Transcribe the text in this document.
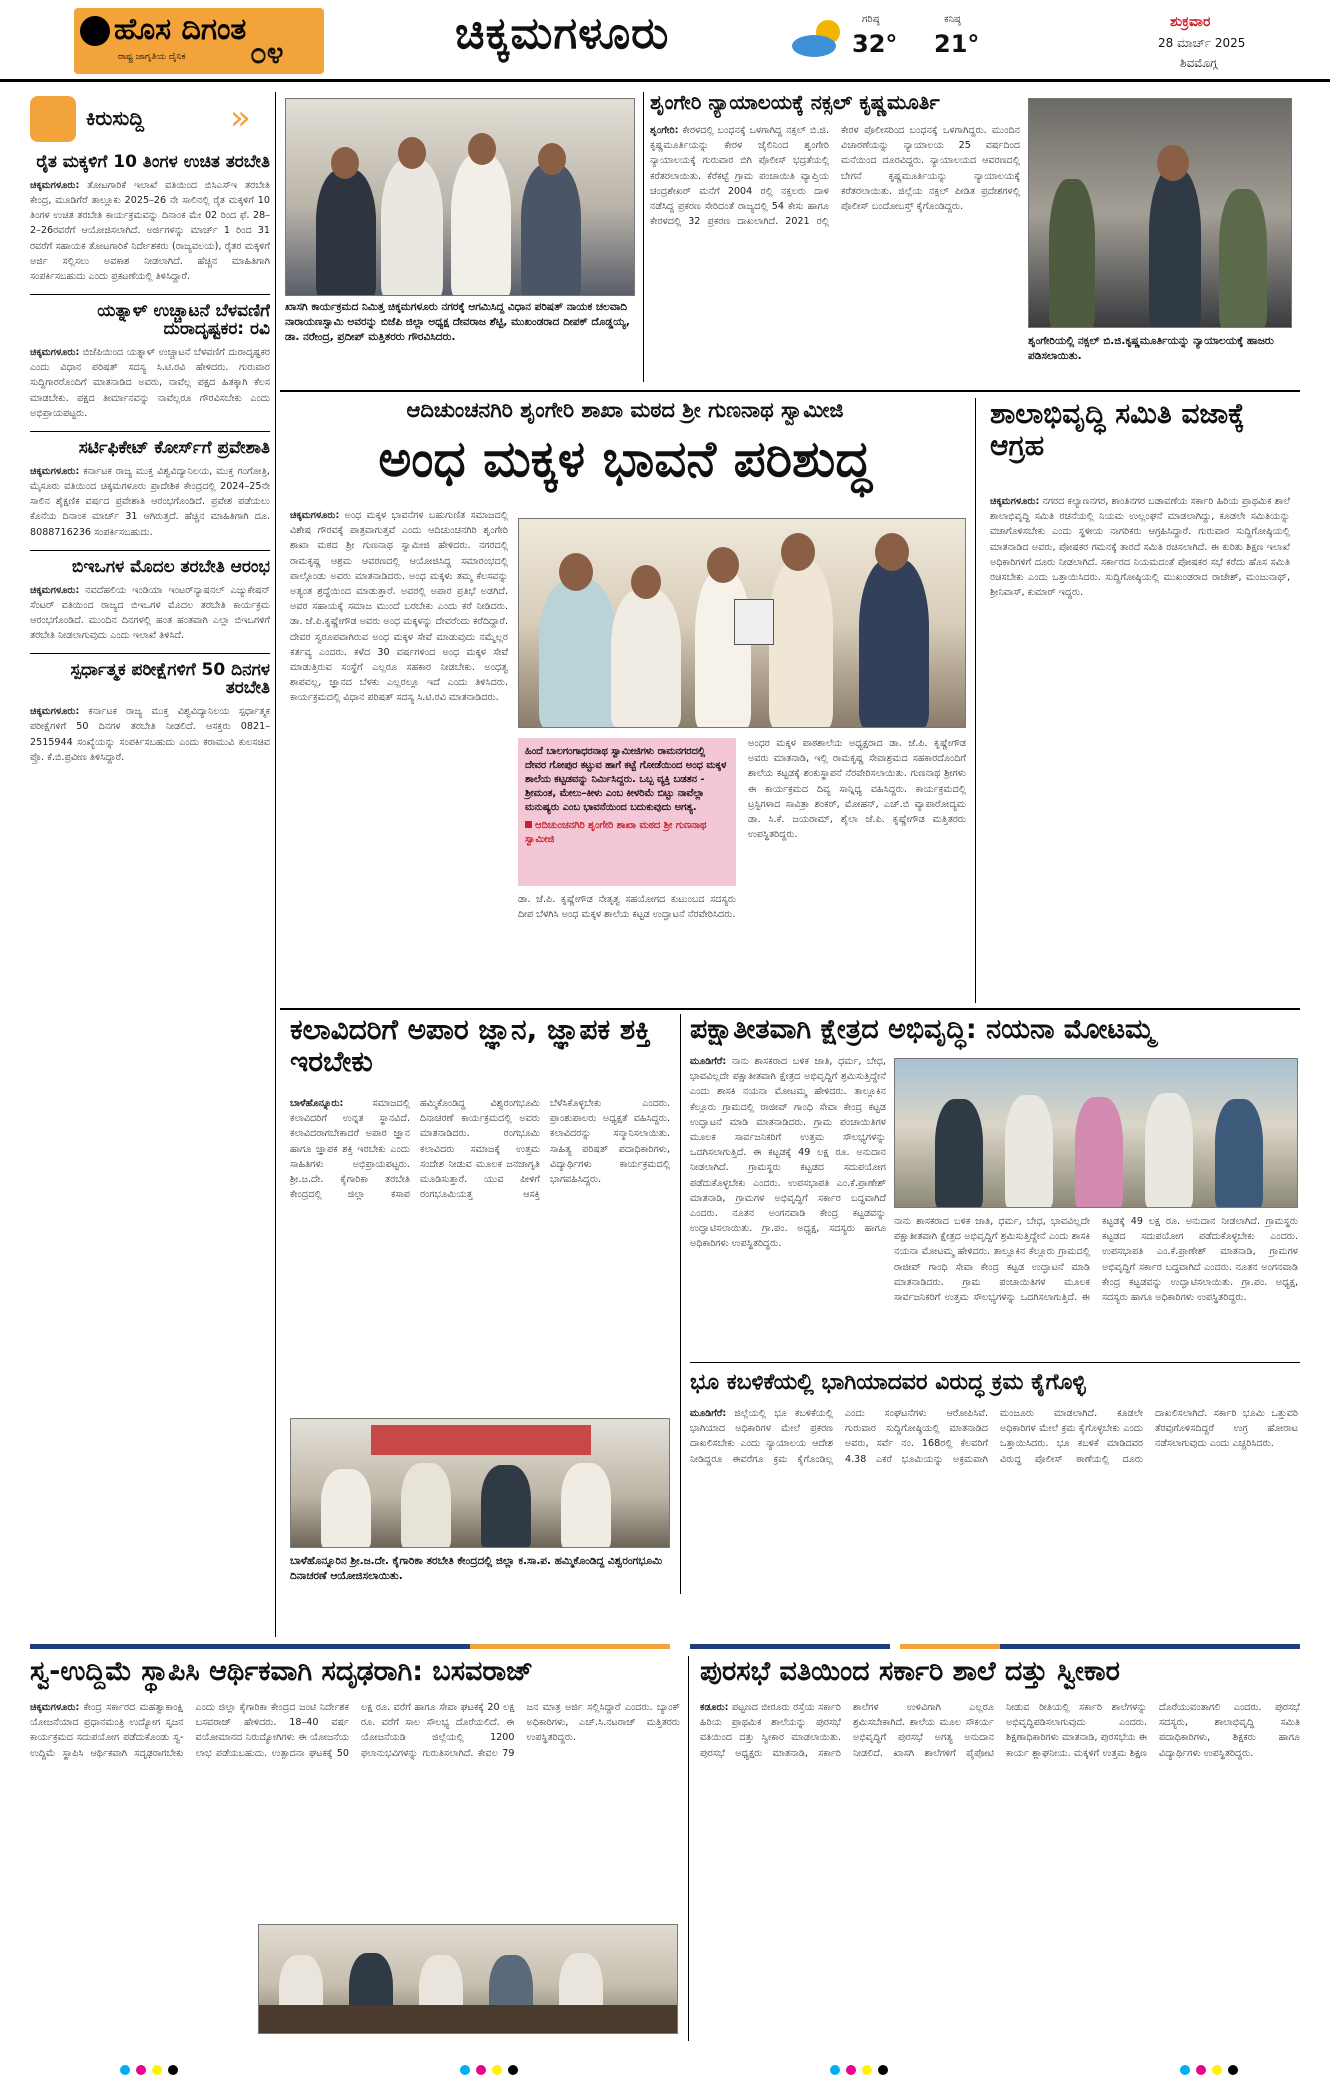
ಹೊಸ ದಿಗಂತ
ರಾಷ್ಟ್ರ ಜಾಗೃತಿಯ ದೈನಿಕ ೦೪	ಚಿಕ್ಕಮಗಳೂರು	ಗರಿಷ್ಠ
32°
ಕನಿಷ್ಠ
21°
ಶುಕ್ರವಾರ
28 ಮಾರ್ಚ್ 2025
ಶಿವಮೊಗ್ಗ
ಕಿರುಸುದ್ದಿ	»
ರೈತ ಮಕ್ಕಳಿಗೆ 10 ತಿಂಗಳ ಉಚಿತ ತರಬೇತಿ
ಚಿಕ್ಕಮಗಳೂರು: ತೋಟಗಾರಿಕೆ ಇಲಾಖೆ ವತಿಯಿಂದ ಬಿಸಿಎಸ್‌ಇ ತರಬೇತಿ ಕೇಂದ್ರ, ಮೂಡಿಗೆರೆ ತಾಲ್ಲೂಕು 2025–26 ನೇ ಸಾಲಿನಲ್ಲಿ ರೈತ ಮಕ್ಕಳಿಗೆ 10 ತಿಂಗಳ ಉಚಿತ ತರಬೇತಿ ಕಾರ್ಯಕ್ರಮವನ್ನು ದಿನಾಂಕ ಮೇ 02 ರಿಂದ ಫೆ. 28–2–26ರವರೆಗೆ ಆಯೋಜಿಸಲಾಗಿದೆ. ಅರ್ಜಿಗಳನ್ನು ಮಾರ್ಚ್ 1 ರಿಂದ 31 ರವರೆಗೆ ಸಹಾಯಕ ತೋಟಗಾರಿಕೆ ನಿರ್ದೇಶಕರು (ರಾಜ್ಯವಲಯ), ರೈತರ ಮಕ್ಕಳಿಗೆ ಅರ್ಜಿ ಸಲ್ಲಿಸಲು ಅವಕಾಶ ನೀಡಲಾಗಿದೆ. ಹೆಚ್ಚಿನ ಮಾಹಿತಿಗಾಗಿ ಸಂಪರ್ಕಿಸಬಹುದು ಎಂದು ಪ್ರಕಟಣೆಯಲ್ಲಿ ತಿಳಿಸಿದ್ದಾರೆ.
ಯತ್ನಾಳ್ ಉಚ್ಚಾಟನೆ ಬೆಳವಣಿಗೆ ದುರಾದೃಷ್ಟಕರ: ರವಿ
ಚಿಕ್ಕಮಗಳೂರು: ಬಿಜೆಪಿಯಿಂದ ಯತ್ನಾಳ್ ಉಚ್ಚಾಟನೆ ಬೆಳವಣಿಗೆ ದುರಾದೃಷ್ಟಕರ ಎಂದು ವಿಧಾನ ಪರಿಷತ್ ಸದಸ್ಯ ಸಿ.ಟಿ.ರವಿ ಹೇಳಿದರು. ಗುರುವಾರ ಸುದ್ದಿಗಾರರೊಂದಿಗೆ ಮಾತನಾಡಿದ ಅವರು, ನಾವೆಲ್ಲ ಪಕ್ಷದ ಹಿತಕ್ಕಾಗಿ ಕೆಲಸ ಮಾಡಬೇಕು. ಪಕ್ಷದ ತೀರ್ಮಾನವನ್ನು ನಾವೆಲ್ಲರೂ ಗೌರವಿಸಬೇಕು ಎಂದು ಅಭಿಪ್ರಾಯಪಟ್ಟರು.
ಸರ್ಟಿಫಿಕೇಟ್ ಕೋರ್ಸ್‌ಗೆ ಪ್ರವೇಶಾತಿ
ಚಿಕ್ಕಮಗಳೂರು: ಕರ್ನಾಟಕ ರಾಜ್ಯ ಮುಕ್ತ ವಿಶ್ವವಿದ್ಯಾನಿಲಯ, ಮುಕ್ತ ಗಂಗೋತ್ರಿ, ಮೈಸೂರು ವತಿಯಿಂದ ಚಿಕ್ಕಮಗಳೂರು ಪ್ರಾದೇಶಿಕ ಕೇಂದ್ರದಲ್ಲಿ 2024–25ನೇ ಸಾಲಿನ ಶೈಕ್ಷಣಿಕ ವರ್ಷದ ಪ್ರವೇಶಾತಿ ಆರಂಭಗೊಂಡಿದೆ. ಪ್ರವೇಶ ಪಡೆಯಲು ಕೊನೆಯ ದಿನಾಂಕ ಮಾರ್ಚ್ 31 ಆಗಿರುತ್ತದೆ. ಹೆಚ್ಚಿನ ಮಾಹಿತಿಗಾಗಿ ದೂ. 8088716236 ಸಂಪರ್ಕಿಸಬಹುದು.
ಬಿಇಒಗಳ ಮೊದಲ ತರಬೇತಿ ಆರಂಭ
ಚಿಕ್ಕಮಗಳೂರು: ನವದೆಹಲಿಯ ಇಂಡಿಯಾ ಇಂಟರ್‌ನ್ಯಾಷನಲ್ ಎಜ್ಯುಕೇಷನ್ ಸೆಂಟರ್ ವತಿಯಿಂದ ರಾಜ್ಯದ ಬಿಇಒಗಳ ಮೊದಲ ತರಬೇತಿ ಕಾರ್ಯಕ್ರಮ ಆರಂಭಗೊಂಡಿದೆ. ಮುಂದಿನ ದಿನಗಳಲ್ಲಿ ಹಂತ ಹಂತವಾಗಿ ಎಲ್ಲಾ ಬಿಇಒಗಳಿಗೆ ತರಬೇತಿ ನೀಡಲಾಗುವುದು ಎಂದು ಇಲಾಖೆ ತಿಳಿಸಿದೆ.
ಸ್ಪರ್ಧಾತ್ಮಕ ಪರೀಕ್ಷೆಗಳಿಗೆ 50 ದಿನಗಳ ತರಬೇತಿ
ಚಿಕ್ಕಮಗಳೂರು: ಕರ್ನಾಟಕ ರಾಜ್ಯ ಮುಕ್ತ ವಿಶ್ವವಿದ್ಯಾನಿಲಯ ಸ್ಪರ್ಧಾತ್ಮಕ ಪರೀಕ್ಷೆಗಳಿಗೆ 50 ದಿನಗಳ ತರಬೇತಿ ನೀಡಲಿದೆ. ಆಸಕ್ತರು 0821–2515944 ಸಂಖ್ಯೆಯನ್ನು ಸಂಪರ್ಕಿಸಬಹುದು ಎಂದು ಕರಾಮುವಿ ಕುಲಸಚಿವ ಪ್ರೊ. ಕೆ.ಬಿ.ಪ್ರವೀಣ ತಿಳಿಸಿದ್ದಾರೆ.
ಖಾಸಗಿ ಕಾರ್ಯಕ್ರಮದ ನಿಮಿತ್ತ ಚಿಕ್ಕಮಗಳೂರು ನಗರಕ್ಕೆ ಆಗಮಿಸಿದ್ದ ವಿಧಾನ ಪರಿಷತ್ ನಾಯಕ ಚಲವಾದಿ ನಾರಾಯಣಸ್ವಾಮಿ ಅವರನ್ನು ಬಿಜೆಪಿ ಜಿಲ್ಲಾ ಅಧ್ಯಕ್ಷ ದೇವರಾಜ ಶೆಟ್ಟಿ, ಮುಖಂಡರಾದ ದೀಪಕ್ ದೊಡ್ಡಯ್ಯ, ಡಾ. ನರೇಂದ್ರ, ಪ್ರದೀಪ್ ಮತ್ತಿತರರು ಗೌರವಿಸಿದರು.
ಶೃಂಗೇರಿ ನ್ಯಾಯಾಲಯಕ್ಕೆ ನಕ್ಸಲ್ ಕೃಷ್ಣಮೂರ್ತಿ
ಶೃಂಗೇರಿ: ಕೇರಳದಲ್ಲಿ ಬಂಧನಕ್ಕೆ ಒಳಗಾಗಿದ್ದ ನಕ್ಸಲ್ ಬಿ.ಜಿ. ಕೃಷ್ಣಮೂರ್ತಿಯನ್ನು ಕೇರಳ ಜೈಲಿನಿಂದ ಶೃಂಗೇರಿ ನ್ಯಾಯಾಲಯಕ್ಕೆ ಗುರುವಾರ ಬಿಗಿ ಪೊಲೀಸ್ ಭದ್ರತೆಯಲ್ಲಿ ಕರೆತರಲಾಯಿತು. ಕೆರೆಕಟ್ಟೆ ಗ್ರಾಮ ಪಂಚಾಯಿತಿ ವ್ಯಾಪ್ತಿಯ ಚಂದ್ರಶೇಖರ್ ಮನೆಗೆ 2004 ರಲ್ಲಿ ನಕ್ಸಲರು ದಾಳಿ ನಡೆಸಿದ್ದ ಪ್ರಕರಣ ಸೇರಿದಂತೆ ರಾಜ್ಯದಲ್ಲಿ 54 ಕೇಸು ಹಾಗೂ ಕೇರಳದಲ್ಲಿ 32 ಪ್ರಕರಣ ದಾಖಲಾಗಿದೆ. 2021 ರಲ್ಲಿ ಕೇರಳ ಪೊಲೀಸರಿಂದ ಬಂಧನಕ್ಕೆ ಒಳಗಾಗಿದ್ದರು. ಮುಂದಿನ ವಿಚಾರಣೆಯನ್ನು ನ್ಯಾಯಾಲಯ 25 ವರ್ಷದಿಂದ ಮನೆಯಿಂದ ದೂರವಿದ್ದರು. ನ್ಯಾಯಾಲಯದ ಆವರಣದಲ್ಲಿ ಬೇಗನೆ ಕೃಷ್ಣಮೂರ್ತಿಯನ್ನು ನ್ಯಾಯಾಲಯಕ್ಕೆ ಕರೆತರಲಾಯಿತು. ಜಿಲ್ಲೆಯ ನಕ್ಸಲ್ ಪೀಡಿತ ಪ್ರದೇಶಗಳಲ್ಲಿ ಪೊಲೀಸ್ ಬಂದೋಬಸ್ತ್ ಕೈಗೊಂಡಿದ್ದರು.
ಶೃಂಗೇರಿಯಲ್ಲಿ ನಕ್ಸಲ್ ಬಿ.ಜಿ.ಕೃಷ್ಣಮೂರ್ತಿಯನ್ನು ನ್ಯಾಯಾಲಯಕ್ಕೆ ಹಾಜರು ಪಡಿಸಲಾಯಿತು.
ಆದಿಚುಂಚನಗಿರಿ ಶೃಂಗೇರಿ ಶಾಖಾ ಮಠದ ಶ್ರೀ ಗುಣನಾಥ ಸ್ವಾಮೀಜಿ
ಅಂಧ ಮಕ್ಕಳ ಭಾವನೆ ಪರಿಶುದ್ಧ
ಚಿಕ್ಕಮಗಳೂರು: ಅಂಧ ಮಕ್ಕಳ ಭಾವನೆಗಳ ಬಹುಗುಣಿತ ಸಮಾಜದಲ್ಲಿ ವಿಶೇಷ ಗೌರವಕ್ಕೆ ಪಾತ್ರವಾಗುತ್ತವೆ ಎಂದು ಆದಿಚುಂಚನಗಿರಿ ಶೃಂಗೇರಿ ಶಾಖಾ ಮಠದ ಶ್ರೀ ಗುಣನಾಥ ಸ್ವಾಮೀಜಿ ಹೇಳಿದರು. ನಗರದಲ್ಲಿ ರಾಮಕೃಷ್ಣ ಆಶ್ರಮ ಆವರಣದಲ್ಲಿ ಆಯೋಜಿಸಿದ್ದ ಸಮಾರಂಭದಲ್ಲಿ ಪಾಲ್ಗೊಂಡು ಅವರು ಮಾತನಾಡಿದರು. ಅಂಧ ಮಕ್ಕಳು ತಮ್ಮ ಕೆಲಸವನ್ನು ಅತ್ಯಂತ ಶ್ರದ್ಧೆಯಿಂದ ಮಾಡುತ್ತಾರೆ. ಅವರಲ್ಲಿ ಅಪಾರ ಪ್ರತಿಭೆ ಅಡಗಿದೆ. ಅವರ ಸಹಾಯಕ್ಕೆ ಸಮಾಜ ಮುಂದೆ ಬರಬೇಕು ಎಂದು ಕರೆ ನೀಡಿದರು. ಡಾ. ಜೆ.ಪಿ.ಕೃಷ್ಣೇಗೌಡ ಅವರು ಅಂಧ ಮಕ್ಕಳನ್ನು ದೇವರೆಂದು ಕರೆದಿದ್ದಾರೆ. ದೇವರ ಸ್ವರೂಪವಾಗಿರುವ ಅಂಧ ಮಕ್ಕಳ ಸೇವೆ ಮಾಡುವುದು ನಮ್ಮೆಲ್ಲರ ಕರ್ತವ್ಯ ಎಂದರು. ಕಳೆದ 30 ವರ್ಷಗಳಿಂದ ಅಂಧ ಮಕ್ಕಳ ಸೇವೆ ಮಾಡುತ್ತಿರುವ ಸಂಸ್ಥೆಗೆ ಎಲ್ಲರೂ ಸಹಕಾರ ನೀಡಬೇಕು. ಅಂಧತ್ವ ಶಾಪವಲ್ಲ, ಜ್ಞಾನದ ಬೆಳಕು ಎಲ್ಲರಲ್ಲೂ ಇದೆ ಎಂದು ತಿಳಿಸಿದರು. ಕಾರ್ಯಕ್ರಮದಲ್ಲಿ ವಿಧಾನ ಪರಿಷತ್ ಸದಸ್ಯ ಸಿ.ಟಿ.ರವಿ ಮಾತನಾಡಿದರು.
ಹಿಂದೆ ಬಾಲಗಂಗಾಧರನಾಥ ಸ್ವಾಮೀಜಿಗಳು ರಾಮನಗರದಲ್ಲಿ ದೇವರ ಗೋಪುರ ಕಟ್ಟುವ ಹಾಗೆ ಕಟ್ಟೆ ಗೋಡೆಯಿಂದ ಅಂಧ ಮಕ್ಕಳ ಶಾಲೆಯ ಕಟ್ಟಡವನ್ನು ನಿರ್ಮಿಸಿದ್ದರು. ಒಬ್ಬ ವ್ಯಕ್ತಿ ಬಡತನ - ಶ್ರೀಮಂತ, ಮೇಲು–ಕೀಳು ಎಂಬ ಕೀಳರಿಮೆ ಬಿಟ್ಟು ನಾವೆಲ್ಲಾ ಮನುಷ್ಯರು ಎಂಬ ಭಾವನೆಯಿಂದ ಬದುಕುವುದು ಅಗತ್ಯ.
ಆದಿಚುಂಚನಗಿರಿ ಶೃಂಗೇರಿ ಶಾಖಾ ಮಠದ ಶ್ರೀ ಗುಣನಾಥ ಸ್ವಾಮೀಜಿ
ಡಾ. ಜೆ.ಪಿ. ಕೃಷ್ಣೇಗೌಡ ನೇತೃತ್ವ ಸಹಯೋಗದ ಕುಟುಂಬದ ಸದಸ್ಯರು ದೀಪ ಬೆಳಗಿಸಿ ಅಂಧ ಮಕ್ಕಳ ಶಾಲೆಯ ಕಟ್ಟಡ ಉದ್ಘಾಟನೆ ನೆರವೇರಿಸಿದರು.
ಅಂಧರ ಮಕ್ಕಳ ಪಾಠಶಾಲೆಯ ಅಧ್ಯಕ್ಷರಾದ ಡಾ. ಜೆ.ಪಿ. ಕೃಷ್ಣೇಗೌಡ ಅವರು ಮಾತನಾಡಿ, ಇಲ್ಲಿ ರಾಮಕೃಷ್ಣ ಸೇವಾಶ್ರಮದ ಸಹಕಾರದೊಂದಿಗೆ ಶಾಲೆಯ ಕಟ್ಟಡಕ್ಕೆ ಶಂಕುಸ್ಥಾಪನೆ ನೆರವೇರಿಸಲಾಯಿತು. ಗುಣನಾಥ ಶ್ರೀಗಳು ಈ ಕಾರ್ಯಕ್ರಮದ ದಿವ್ಯ ಸಾನ್ನಿಧ್ಯ ವಹಿಸಿದ್ದರು. ಕಾರ್ಯಕ್ರಮದಲ್ಲಿ ಟ್ರಸ್ಟಿಗಳಾದ ಸಾವಿತ್ರಾ ಶಂಕರ್, ಮೋಹನ್, ಎಚ್.ಬಿ ವ್ಯಾಪಾರೋದ್ಯಮ ಡಾ. ಸಿ.ಕೆ. ಜಯರಾಮ್, ಶೈಲಾ ಜೆ.ಪಿ. ಕೃಷ್ಣೇಗೌಡ ಮತ್ತಿತರರು ಉಪಸ್ಥಿತರಿದ್ದರು.
ಶಾಲಾಭಿವೃದ್ಧಿ ಸಮಿತಿ ವಜಾಕ್ಕೆ ಆಗ್ರಹ
ಚಿಕ್ಕಮಗಳೂರು: ನಗರದ ಕಲ್ಯಾಣನಗರ, ಶಾಂತಿನಗರ ಬಡಾವಣೆಯ ಸರ್ಕಾರಿ ಹಿರಿಯ ಪ್ರಾಥಮಿಕ ಶಾಲೆ ಶಾಲಾಭಿವೃದ್ಧಿ ಸಮಿತಿ ರಚನೆಯಲ್ಲಿ ನಿಯಮ ಉಲ್ಲಂಘನೆ ಮಾಡಲಾಗಿದ್ದು, ಕೂಡಲೇ ಸಮಿತಿಯನ್ನು ವಜಾಗೊಳಿಸಬೇಕು ಎಂದು ಸ್ಥಳೀಯ ನಾಗರಿಕರು ಆಗ್ರಹಿಸಿದ್ದಾರೆ. ಗುರುವಾರ ಸುದ್ದಿಗೋಷ್ಠಿಯಲ್ಲಿ ಮಾತನಾಡಿದ ಅವರು, ಪೋಷಕರ ಗಮನಕ್ಕೆ ತಾರದೆ ಸಮಿತಿ ರಚಿಸಲಾಗಿದೆ. ಈ ಕುರಿತು ಶಿಕ್ಷಣ ಇಲಾಖೆ ಅಧಿಕಾರಿಗಳಿಗೆ ದೂರು ನೀಡಲಾಗಿದೆ. ಸರ್ಕಾರದ ನಿಯಮದಂತೆ ಪೋಷಕರ ಸಭೆ ಕರೆದು ಹೊಸ ಸಮಿತಿ ರಚಿಸಬೇಕು ಎಂದು ಒತ್ತಾಯಿಸಿದರು. ಸುದ್ದಿಗೋಷ್ಠಿಯಲ್ಲಿ ಮುಖಂಡರಾದ ರಾಜೇಶ್, ಮಂಜುನಾಥ್, ಶ್ರೀನಿವಾಸ್, ಕುಮಾರ್ ಇದ್ದರು.
ಕಲಾವಿದರಿಗೆ ಅಪಾರ ಜ್ಞಾನ, ಜ್ಞಾಪಕ ಶಕ್ತಿ ಇರಬೇಕು
ಬಾಳೆಹೊನ್ನೂರು:	ಸಮಾಜದಲ್ಲಿ ಕಲಾವಿದರಿಗೆ ಉನ್ನತ ಸ್ಥಾನವಿದೆ. ಕಲಾವಿದರಾಗಬೇಕಾದರೆ ಅಪಾರ ಜ್ಞಾನ ಹಾಗೂ ಜ್ಞಾಪಕ ಶಕ್ತಿ ಇರಬೇಕು ಎಂದು ಸಾಹಿತಿಗಳು ಅಭಿಪ್ರಾಯಪಟ್ಟರು. ಶ್ರೀ.ಜ.ದೇ. ಕೈಗಾರಿಕಾ ತರಬೇತಿ ಕೇಂದ್ರದಲ್ಲಿ ಜಿಲ್ಲಾ ಕಸಾಪ ಹಮ್ಮಿಕೊಂಡಿದ್ದ ವಿಶ್ವರಂಗಭೂಮಿ ದಿನಾಚರಣೆ ಕಾರ್ಯಕ್ರಮದಲ್ಲಿ ಅವರು ಮಾತನಾಡಿದರು. ರಂಗಭೂಮಿ ಕಲಾವಿದರು ಸಮಾಜಕ್ಕೆ ಉತ್ತಮ ಸಂದೇಶ ನೀಡುವ ಮೂಲಕ ಜನಜಾಗೃತಿ ಮೂಡಿಸುತ್ತಾರೆ. ಯುವ ಪೀಳಿಗೆ ರಂಗಭೂಮಿಯತ್ತ ಆಸಕ್ತಿ ಬೆಳೆಸಿಕೊಳ್ಳಬೇಕು ಎಂದರು. ಪ್ರಾಂಶುಪಾಲರು ಅಧ್ಯಕ್ಷತೆ ವಹಿಸಿದ್ದರು. ಕಲಾವಿದರನ್ನು ಸನ್ಮಾನಿಸಲಾಯಿತು. ಸಾಹಿತ್ಯ ಪರಿಷತ್ ಪದಾಧಿಕಾರಿಗಳು, ವಿದ್ಯಾರ್ಥಿಗಳು ಕಾರ್ಯಕ್ರಮದಲ್ಲಿ ಭಾಗವಹಿಸಿದ್ದರು.
ಬಾಳೆಹೊನ್ನೂರಿನ ಶ್ರೀ.ಜ.ದೇ. ಕೈಗಾರಿಕಾ ತರಬೇತಿ ಕೇಂದ್ರದಲ್ಲಿ ಜಿಲ್ಲಾ ಕ.ಸಾ.ಪ. ಹಮ್ಮಿಕೊಂಡಿದ್ದ ವಿಶ್ವರಂಗಭೂಮಿ ದಿನಾಚರಣೆ ಆಯೋಜಿಸಲಾಯಿತು.
ಪಕ್ಷಾತೀತವಾಗಿ ಕ್ಷೇತ್ರದ ಅಭಿವೃದ್ಧಿ: ನಯನಾ ಮೋಟಮ್ಮ
ಮೂಡಿಗೆರೆ: ನಾನು ಶಾಸಕರಾದ ಬಳಿಕ ಜಾತಿ, ಧರ್ಮ, ಬೇಧ, ಭಾವವಿಲ್ಲದೇ ಪಕ್ಷಾತೀತವಾಗಿ ಕ್ಷೇತ್ರದ ಅಭಿವೃದ್ಧಿಗೆ ಶ್ರಮಿಸುತ್ತಿದ್ದೇನೆ ಎಂದು ಶಾಸಕಿ ನಯನಾ ಮೋಟಮ್ಮ ಹೇಳಿದರು. ತಾಲ್ಲೂಕಿನ ಕೆಲ್ಲೂರು ಗ್ರಾಮದಲ್ಲಿ ರಾಜೀವ್ ಗಾಂಧಿ ಸೇವಾ ಕೇಂದ್ರ ಕಟ್ಟಡ ಉದ್ಘಾಟನೆ ಮಾಡಿ ಮಾತನಾಡಿದರು. ಗ್ರಾಮ ಪಂಚಾಯಿತಿಗಳ ಮೂಲಕ ಸಾರ್ವಜನಿಕರಿಗೆ ಉತ್ತಮ ಸೌಲಭ್ಯಗಳನ್ನು ಒದಗಿಸಲಾಗುತ್ತಿದೆ. ಈ ಕಟ್ಟಡಕ್ಕೆ 49 ಲಕ್ಷ ರೂ. ಅನುದಾನ ನೀಡಲಾಗಿದೆ. ಗ್ರಾಮಸ್ಥರು ಕಟ್ಟಡದ ಸದುಪಯೋಗ ಪಡೆದುಕೊಳ್ಳಬೇಕು ಎಂದರು. ಉಪಸಭಾಪತಿ ಎಂ.ಕೆ.ಪ್ರಾಣೇಶ್ ಮಾತನಾಡಿ, ಗ್ರಾಮಗಳ ಅಭಿವೃದ್ಧಿಗೆ ಸರ್ಕಾರ ಬದ್ಧವಾಗಿದೆ ಎಂದರು. ನೂತನ ಅಂಗನವಾಡಿ ಕೇಂದ್ರ ಕಟ್ಟಡವನ್ನು ಉದ್ಘಾಟಿಸಲಾಯಿತು. ಗ್ರಾ.ಪಂ. ಅಧ್ಯಕ್ಷ, ಸದಸ್ಯರು ಹಾಗೂ ಅಧಿಕಾರಿಗಳು ಉಪಸ್ಥಿತರಿದ್ದರು.
ನಾನು ಶಾಸಕರಾದ ಬಳಿಕ ಜಾತಿ, ಧರ್ಮ, ಬೇಧ, ಭಾವವಿಲ್ಲದೇ ಪಕ್ಷಾತೀತವಾಗಿ ಕ್ಷೇತ್ರದ ಅಭಿವೃದ್ಧಿಗೆ ಶ್ರಮಿಸುತ್ತಿದ್ದೇನೆ ಎಂದು ಶಾಸಕಿ ನಯನಾ ಮೋಟಮ್ಮ ಹೇಳಿದರು. ತಾಲ್ಲೂಕಿನ ಕೆಲ್ಲೂರು ಗ್ರಾಮದಲ್ಲಿ ರಾಜೀವ್ ಗಾಂಧಿ ಸೇವಾ ಕೇಂದ್ರ ಕಟ್ಟಡ ಉದ್ಘಾಟನೆ ಮಾಡಿ ಮಾತನಾಡಿದರು. ಗ್ರಾಮ ಪಂಚಾಯಿತಿಗಳ ಮೂಲಕ ಸಾರ್ವಜನಿಕರಿಗೆ ಉತ್ತಮ ಸೌಲಭ್ಯಗಳನ್ನು ಒದಗಿಸಲಾಗುತ್ತಿದೆ. ಈ ಕಟ್ಟಡಕ್ಕೆ 49 ಲಕ್ಷ ರೂ. ಅನುದಾನ ನೀಡಲಾಗಿದೆ. ಗ್ರಾಮಸ್ಥರು ಕಟ್ಟಡದ ಸದುಪಯೋಗ ಪಡೆದುಕೊಳ್ಳಬೇಕು ಎಂದರು. ಉಪಸಭಾಪತಿ ಎಂ.ಕೆ.ಪ್ರಾಣೇಶ್ ಮಾತನಾಡಿ, ಗ್ರಾಮಗಳ ಅಭಿವೃದ್ಧಿಗೆ ಸರ್ಕಾರ ಬದ್ಧವಾಗಿದೆ ಎಂದರು. ನೂತನ ಅಂಗನವಾಡಿ ಕೇಂದ್ರ ಕಟ್ಟಡವನ್ನು ಉದ್ಘಾಟಿಸಲಾಯಿತು. ಗ್ರಾ.ಪಂ. ಅಧ್ಯಕ್ಷ, ಸದಸ್ಯರು ಹಾಗೂ ಅಧಿಕಾರಿಗಳು ಉಪಸ್ಥಿತರಿದ್ದರು.
ಭೂ ಕಬಳಿಕೆಯಲ್ಲಿ ಭಾಗಿಯಾದವರ ವಿರುದ್ಧ ಕ್ರಮ ಕೈಗೊಳ್ಳಿ
ಮೂಡಿಗೆರೆ: ಜಿಲ್ಲೆಯಲ್ಲಿ ಭೂ ಕಬಳಿಕೆಯಲ್ಲಿ ಭಾಗಿಯಾದ ಅಧಿಕಾರಿಗಳ ಮೇಲೆ ಪ್ರಕರಣ ದಾಖಲಿಸಬೇಕು ಎಂದು ನ್ಯಾಯಾಲಯ ಆದೇಶ ನೀಡಿದ್ದರೂ ಈವರೆಗೂ ಕ್ರಮ ಕೈಗೊಂಡಿಲ್ಲ ಎಂದು ಸಂಘಟನೆಗಳು ಆರೋಪಿಸಿವೆ. ಗುರುವಾರ ಸುದ್ದಿಗೋಷ್ಠಿಯಲ್ಲಿ ಮಾತನಾಡಿದ ಅವರು, ಸರ್ವೆ ನಂ. 168ರಲ್ಲಿ ಕೆಲವರಿಗೆ 4.38 ಎಕರೆ ಭೂಮಿಯನ್ನು ಅಕ್ರಮವಾಗಿ ಮಂಜೂರು ಮಾಡಲಾಗಿದೆ. ಕೂಡಲೇ ಅಧಿಕಾರಿಗಳ ಮೇಲೆ ಕ್ರಮ ಕೈಗೊಳ್ಳಬೇಕು ಎಂದು ಒತ್ತಾಯಿಸಿದರು. ಭೂ ಕಬಳಿಕೆ ಮಾಡಿದವರ ವಿರುದ್ಧ ಪೊಲೀಸ್ ಠಾಣೆಯಲ್ಲಿ ದೂರು ದಾಖಲಿಸಲಾಗಿದೆ. ಸರ್ಕಾರಿ ಭೂಮಿ ಒತ್ತುವರಿ ತೆರವುಗೊಳಿಸದಿದ್ದರೆ ಉಗ್ರ ಹೋರಾಟ ನಡೆಸಲಾಗುವುದು ಎಂದು ಎಚ್ಚರಿಸಿದರು.
ಸ್ವ-ಉದ್ದಿಮೆ ಸ್ಥಾಪಿಸಿ ಆರ್ಥಿಕವಾಗಿ ಸದೃಢರಾಗಿ: ಬಸವರಾಜ್
ಚಿಕ್ಕಮಗಳೂರು: ಕೇಂದ್ರ ಸರ್ಕಾರದ ಮಹತ್ವಾಕಾಂಕ್ಷಿ ಯೋಜನೆಯಾದ ಪ್ರಧಾನಮಂತ್ರಿ ಉದ್ಯೋಗ ಸೃಜನ ಕಾರ್ಯಕ್ರಮದ ಸದುಪಯೋಗ ಪಡೆದುಕೊಂಡು ಸ್ವ-ಉದ್ದಿಮೆ ಸ್ಥಾಪಿಸಿ ಆರ್ಥಿಕವಾಗಿ ಸದೃಢರಾಗಬೇಕು ಎಂದು ಜಿಲ್ಲಾ ಕೈಗಾರಿಕಾ ಕೇಂದ್ರದ ಜಂಟಿ ನಿರ್ದೇಶಕ ಬಸವರಾಜ್ ಹೇಳಿದರು. 18–40 ವರ್ಷ ವಯೋಮಾನದ ನಿರುದ್ಯೋಗಿಗಳು ಈ ಯೋಜನೆಯ ಲಾಭ ಪಡೆಯಬಹುದು. ಉತ್ಪಾದನಾ ಘಟಕಕ್ಕೆ 50 ಲಕ್ಷ ರೂ. ವರೆಗೆ ಹಾಗೂ ಸೇವಾ ಘಟಕಕ್ಕೆ 20 ಲಕ್ಷ ರೂ. ವರೆಗೆ ಸಾಲ ಸೌಲಭ್ಯ ದೊರೆಯಲಿದೆ. ಈ ಯೋಜನೆಯಡಿ ಜಿಲ್ಲೆಯಲ್ಲಿ 1200 ಫಲಾನುಭವಿಗಳನ್ನು ಗುರುತಿಸಲಾಗಿದೆ. ಕೇವಲ 79 ಜನ ಮಾತ್ರ ಅರ್ಜಿ ಸಲ್ಲಿಸಿದ್ದಾರೆ ಎಂದರು. ಬ್ಯಾಂಕ್ ಅಧಿಕಾರಿಗಳು, ಎಚ್.ಸಿ.ನಟರಾಜ್ ಮತ್ತಿತರರು ಉಪಸ್ಥಿತರಿದ್ದರು.
ಪುರಸಭೆ ವತಿಯಿಂದ ಸರ್ಕಾರಿ ಶಾಲೆ ದತ್ತು ಸ್ವೀಕಾರ
ಕಡೂರು: ಪಟ್ಟಣದ ಬೀರೂರು ರಸ್ತೆಯ ಸರ್ಕಾರಿ ಹಿರಿಯ ಪ್ರಾಥಮಿಕ ಶಾಲೆಯನ್ನು ಪುರಸಭೆ ವತಿಯಿಂದ ದತ್ತು ಸ್ವೀಕಾರ ಮಾಡಲಾಯಿತು. ಪುರಸಭೆ ಅಧ್ಯಕ್ಷರು ಮಾತನಾಡಿ, ಸರ್ಕಾರಿ ಶಾಲೆಗಳ ಉಳಿವಿಗಾಗಿ ಎಲ್ಲರೂ ಶ್ರಮಿಸಬೇಕಾಗಿದೆ. ಶಾಲೆಯ ಮೂಲ ಸೌಕರ್ಯ ಅಭಿವೃದ್ಧಿಗೆ ಪುರಸಭೆ ಅಗತ್ಯ ಅನುದಾನ ನೀಡಲಿದೆ. ಖಾಸಗಿ ಶಾಲೆಗಳಿಗೆ ಪೈಪೋಟಿ ನೀಡುವ ರೀತಿಯಲ್ಲಿ ಸರ್ಕಾರಿ ಶಾಲೆಗಳನ್ನು ಅಭಿವೃದ್ಧಿಪಡಿಸಲಾಗುವುದು ಎಂದರು. ಶಿಕ್ಷಣಾಧಿಕಾರಿಗಳು ಮಾತನಾಡಿ, ಪುರಸಭೆಯ ಈ ಕಾರ್ಯ ಶ್ಲಾಘನೀಯ. ಮಕ್ಕಳಿಗೆ ಉತ್ತಮ ಶಿಕ್ಷಣ ದೊರೆಯುವಂತಾಗಲಿ ಎಂದರು. ಪುರಸಭೆ ಸದಸ್ಯರು, ಶಾಲಾಭಿವೃದ್ಧಿ ಸಮಿತಿ ಪದಾಧಿಕಾರಿಗಳು, ಶಿಕ್ಷಕರು ಹಾಗೂ ವಿದ್ಯಾರ್ಥಿಗಳು ಉಪಸ್ಥಿತರಿದ್ದರು.
